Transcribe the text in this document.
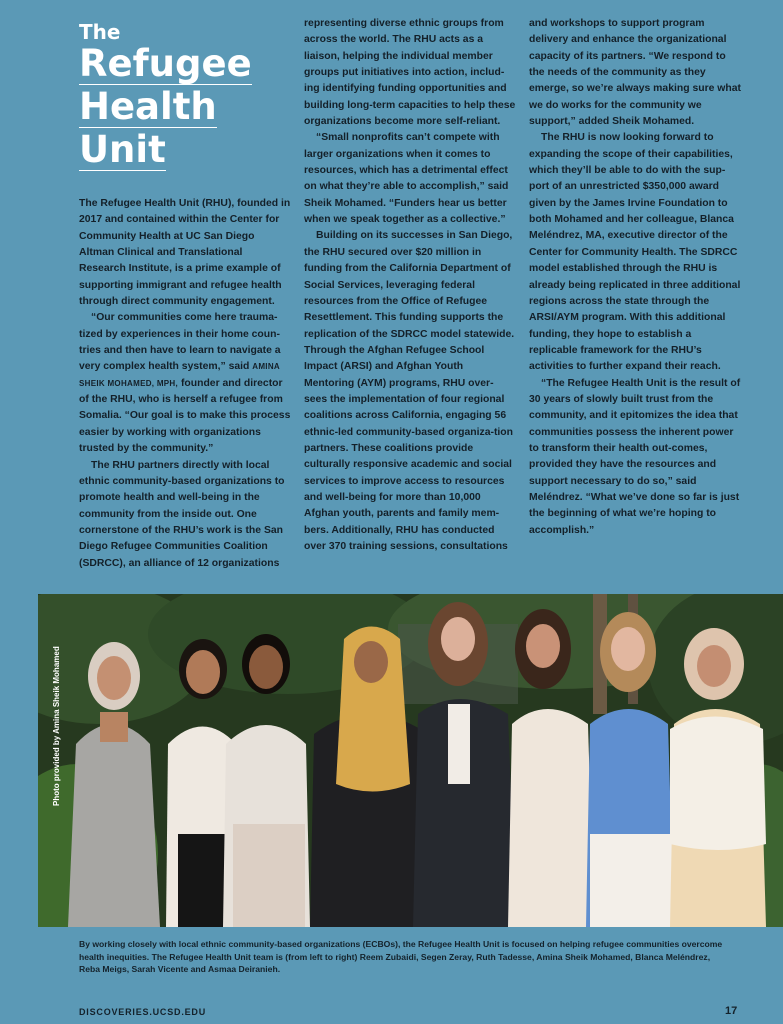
The
Refugee
Health
Unit

The Refugee Health Unit (RHU), founded in 2017 and contained within the Center for Community Health at UC San Diego Altman Clinical and Translational Research Institute, is a prime example of supporting immigrant and refugee health through direct community engagement.

“Our communities come here trauma-tized by experiences in their home coun-tries and then have to learn to navigate a very complex health system,” said AMINA SHEIK MOHAMED, MPH, founder and director of the RHU, who is herself a refugee from Somalia. “Our goal is to make this process easier by working with organizations trusted by the community.”

The RHU partners directly with local ethnic community-based organizations to promote health and well-being in the community from the inside out. One cornerstone of the RHU’s work is the San Diego Refugee Communities Coalition (SDRCC), an alliance of 12 organizations

representing diverse ethnic groups from across the world. The RHU acts as a liaison, helping the individual member groups put initiatives into action, includ-ing identifying funding opportunities and building long-term capacities to help these organizations become more self-reliant.

“Small nonprofits can’t compete with larger organizations when it comes to resources, which has a detrimental effect on what they’re able to accomplish,” said Sheik Mohamed. “Funders hear us better when we speak together as a collective.”

Building on its successes in San Diego, the RHU secured over $20 million in funding from the California Department of Social Services, leveraging federal resources from the Office of Refugee Resettlement. This funding supports the replication of the SDRCC model statewide. Through the Afghan Refugee School Impact (ARSI) and Afghan Youth Mentoring (AYM) programs, RHU over-sees the implementation of four regional coalitions across California, engaging 56 ethnic-led community-based organiza-tion partners. These coalitions provide culturally responsive academic and social services to improve access to resources and well-being for more than 10,000 Afghan youth, parents and family mem-bers. Additionally, RHU has conducted over 370 training sessions, consultations

and workshops to support program delivery and enhance the organizational capacity of its partners. “We respond to the needs of the community as they emerge, so we’re always making sure what we do works for the community we support,” added Sheik Mohamed.

The RHU is now looking forward to expanding the scope of their capabilities, which they’ll be able to do with the sup-port of an unrestricted $350,000 award given by the James Irvine Foundation to both Mohamed and her colleague, Blanca Meléndrez, MA, executive director of the Center for Community Health. The SDRCC model established through the RHU is already being replicated in three additional regions across the state through the ARSI/AYM program. With this additional funding, they hope to establish a replicable framework for the RHU’s activities to further expand their reach.

“The Refugee Health Unit is the result of 30 years of slowly built trust from the community, and it epitomizes the idea that communities possess the inherent power to transform their health out-comes, provided they have the resources and support necessary to do so,” said Meléndrez. “What we’ve done so far is just the beginning of what we’re hoping to accomplish.”

Photo provided by Amina Sheik Mohamed
By working closely with local ethnic community-based organizations (ECBOs), the Refugee Health Unit is focused on helping refugee communities overcome health inequities. The Refugee Health Unit team is (from left to right) Reem Zubaidi, Segen Zeray, Ruth Tadesse, Amina Sheik Mohamed, Blanca Meléndrez, Reba Meigs, Sarah Vicente and Asmaa Deiranieh.
DISCOVERIES.UCSD.EDU	17
